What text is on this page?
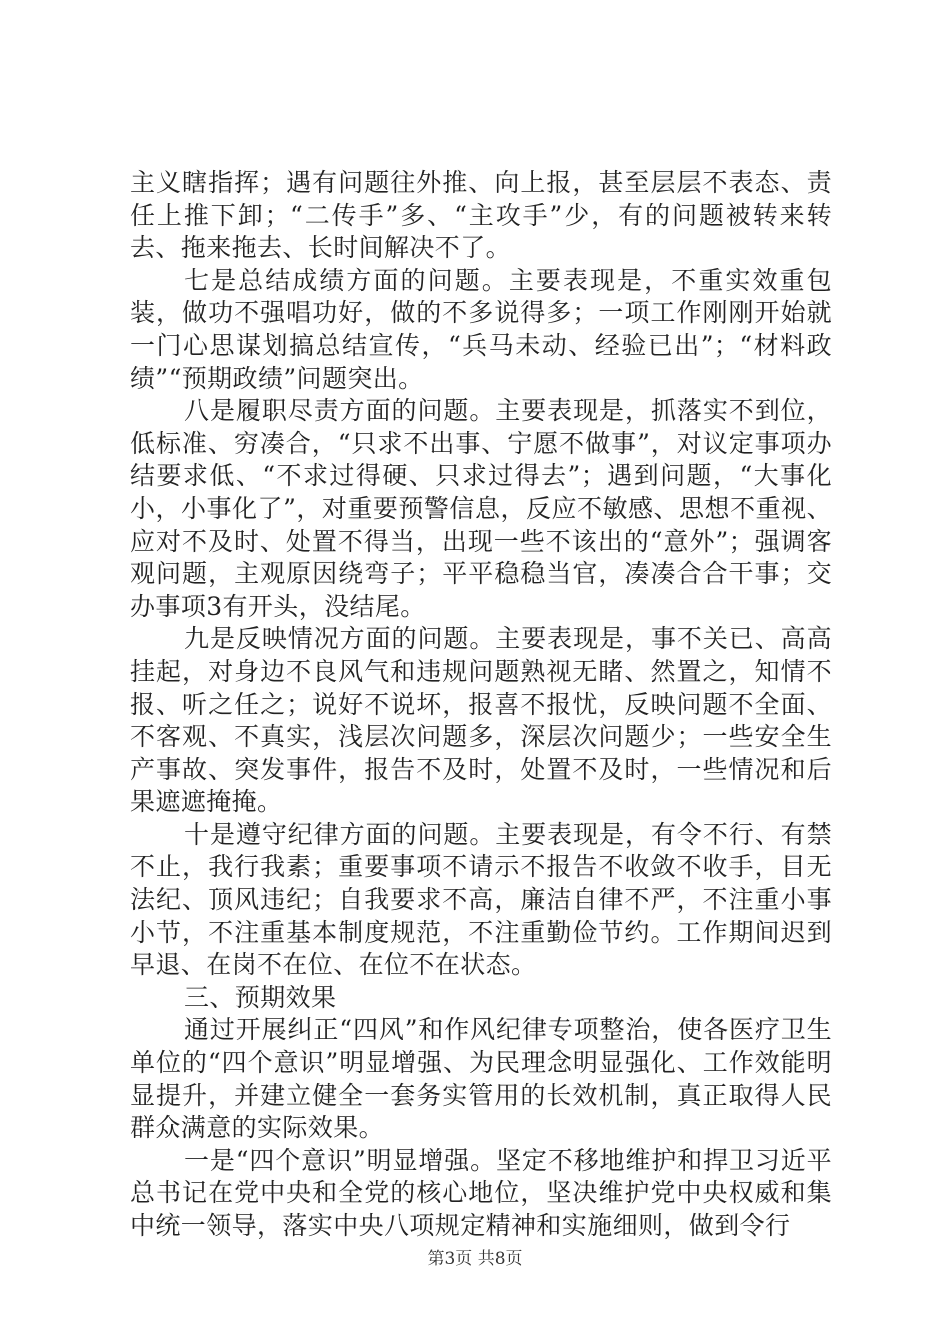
主义瞎指挥；遇有问题往外推、向上报，甚至层层不表态、责任上推下卸；“二传手”多、“主攻手”少，有的问题被转来转去、拖来拖去、长时间解决不了。

七是总结成绩方面的问题。主要表现是，不重实效重包装，做功不强唱功好，做的不多说得多；一项工作刚刚开始就一门心思谋划搞总结宣传，“兵马未动、经验已出”；“材料政绩”“预期政绩”问题突出。

八是履职尽责方面的问题。主要表现是，抓落实不到位，低标准、穷凑合，“只求不出事、宁愿不做事”，对议定事项办结要求低、“不求过得硬、只求过得去”；遇到问题，“大事化小，小事化了”，对重要预警信息，反应不敏感、思想不重视、应对不及时、处置不得当，出现一些不该出的“意外”；强调客观问题，主观原因绕弯子；平平稳稳当官，凑凑合合干事；交办事项3有开头，没结尾。

九是反映情况方面的问题。主要表现是，事不关已、高高挂起，对身边不良风气和违规问题熟视无睹、然置之，知情不报、听之任之；说好不说坏，报喜不报忧，反映问题不全面、不客观、不真实，浅层次问题多，深层次问题少；一些安全生产事故、突发事件，报告不及时，处置不及时，一些情况和后果遮遮掩掩。

十是遵守纪律方面的问题。主要表现是，有令不行、有禁不止，我行我素；重要事项不请示不报告不收敛不收手，目无法纪、顶风违纪；自我要求不高，廉洁自律不严，不注重小事小节，不注重基本制度规范，不注重勤俭节约。工作期间迟到早退、在岗不在位、在位不在状态。

三、预期效果

通过开展纠正“四风”和作风纪律专项整治，使各医疗卫生单位的“四个意识”明显增强、为民理念明显强化、工作效能明显提升，并建立健全一套务实管用的长效机制，真正取得人民群众满意的实际效果。

一是“四个意识”明显增强。坚定不移地维护和捍卫习近平总书记在党中央和全党的核心地位，坚决维护党中央权威和集中统一领导，落实中央八项规定精神和实施细则，做到令行

第3页 共8页
